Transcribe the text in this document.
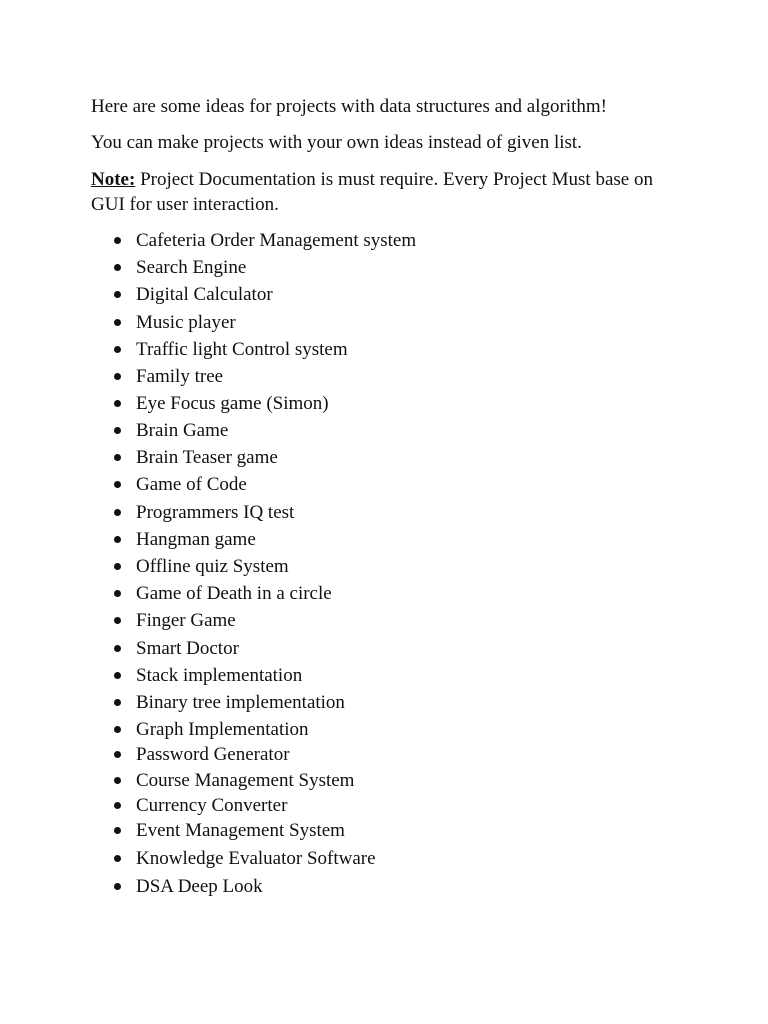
Here are some ideas for projects with data structures and algorithm!

You can make projects with your own ideas instead of given list.

Note: Project Documentation is must require. Every Project Must base on GUI for user interaction.

Cafeteria Order Management system
Search Engine
Digital Calculator
Music player
Traffic light Control system
Family tree
Eye Focus game (Simon)
Brain Game
Brain Teaser game
Game of Code
Programmers IQ test
Hangman game
Offline quiz System
Game of Death in a circle
Finger Game
Smart Doctor
Stack implementation
Binary tree implementation
Graph Implementation
Password Generator
Course Management System
Currency Converter
Event Management System
Knowledge Evaluator Software
DSA Deep Look
